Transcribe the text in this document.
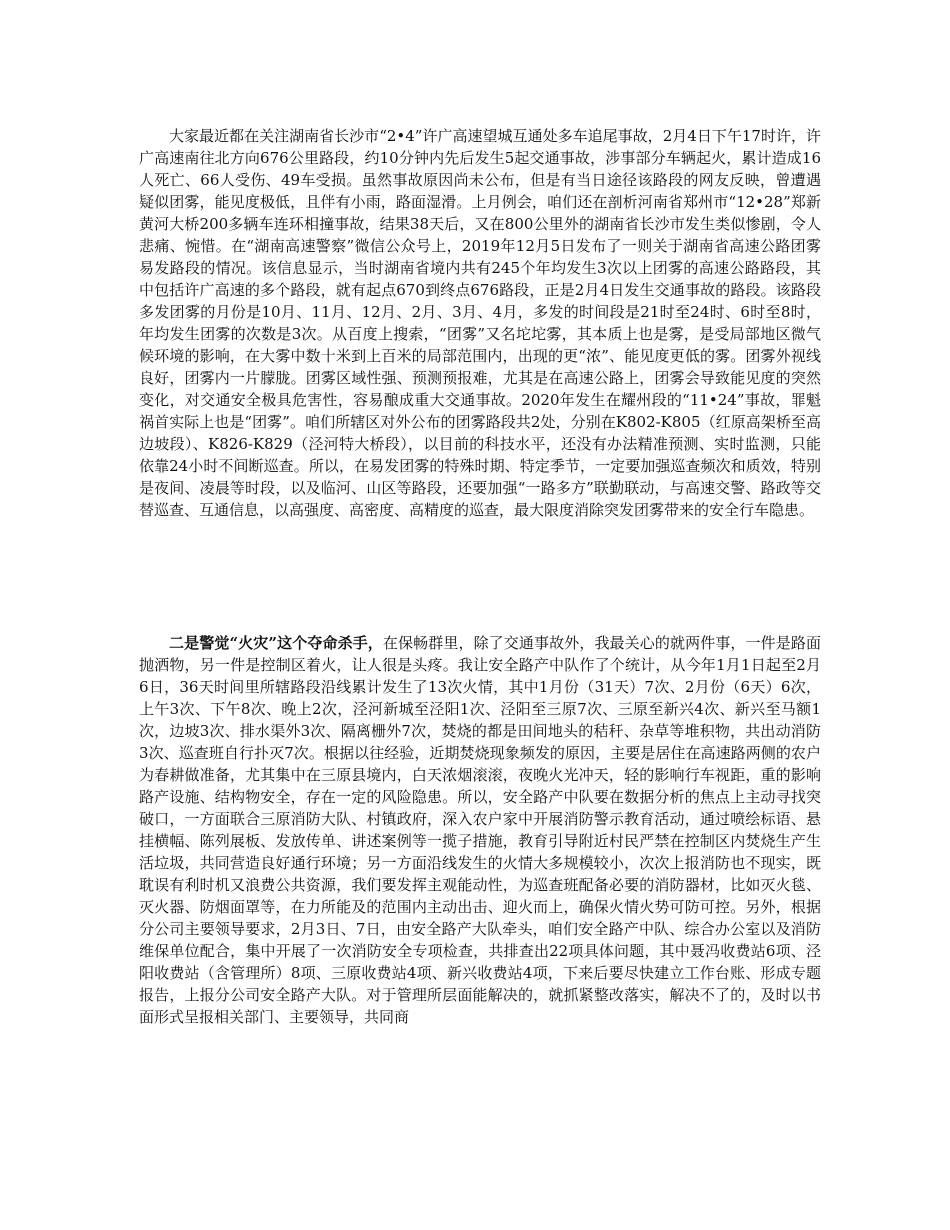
大家最近都在关注湖南省长沙市“2•4”许广高速望城互通处多车追尾事故，2月4日下午17时许，许广高速南往北方向676公里路段，约10分钟内先后发生5起交通事故，涉事部分车辆起火，累计造成16人死亡、66人受伤、49车受损。虽然事故原因尚未公布，但是有当日途径该路段的网友反映，曾遭遇疑似团雾，能见度极低，且伴有小雨，路面湿滑。上月例会，咱们还在剖析河南省郑州市“12•28”郑新黄河大桥200多辆车连环相撞事故，结果38天后，又在800公里外的湖南省长沙市发生类似惨剧，令人悲痛、惋惜。在“湖南高速警察”微信公众号上，2019年12月5日发布了一则关于湖南省高速公路团雾易发路段的情况。该信息显示，当时湖南省境内共有245个年均发生3次以上团雾的高速公路路段，其中包括许广高速的多个路段，就有起点670到终点676路段，正是2月4日发生交通事故的路段。该路段多发团雾的月份是10月、11月、12月、2月、3月、4月，多发的时间段是21时至24时、6时至8时，年均发生团雾的次数是3次。从百度上搜索，“团雾”又名坨坨雾，其本质上也是雾，是受局部地区微气候环境的影响，在大雾中数十米到上百米的局部范围内，出现的更“浓”、能见度更低的雾。团雾外视线良好，团雾内一片朦胧。团雾区域性强、预测预报难，尤其是在高速公路上，团雾会导致能见度的突然变化，对交通安全极具危害性，容易酿成重大交通事故。2020年发生在耀州段的“11•24”事故，罪魁祸首实际上也是“团雾”。咱们所辖区对外公布的团雾路段共2处，分别在K802-K805（红原高架桥至高边坡段）、K826-K829（泾河特大桥段），以目前的科技水平，还没有办法精准预测、实时监测，只能依靠24小时不间断巡查。所以，在易发团雾的特殊时期、特定季节，一定要加强巡查频次和质效，特别是夜间、凌晨等时段，以及临河、山区等路段，还要加强“一路多方”联勤联动，与高速交警、路政等交替巡查、互通信息，以高强度、高密度、高精度的巡查，最大限度消除突发团雾带来的安全行车隐患。

二是警觉“火灾”这个夺命杀手，在保畅群里，除了交通事故外，我最关心的就两件事，一件是路面抛洒物，另一件是控制区着火，让人很是头疼。我让安全路产中队作了个统计，从今年1月1日起至2月6日，36天时间里所辖路段沿线累计发生了13次火情，其中1月份（31天）7次、2月份（6天）6次，上午3次、下午8次、晚上2次，泾河新城至泾阳1次、泾阳至三原7次、三原至新兴4次、新兴至马额1次，边坡3次、排水渠外3次、隔离栅外7次，焚烧的都是田间地头的秸秆、杂草等堆积物，共出动消防3次、巡查班自行扑灭7次。根据以往经验，近期焚烧现象频发的原因，主要是居住在高速路两侧的农户为春耕做准备，尤其集中在三原县境内，白天浓烟滚滚，夜晚火光冲天，轻的影响行车视距，重的影响路产设施、结构物安全，存在一定的风险隐患。所以，安全路产中队要在数据分析的焦点上主动寻找突破口，一方面联合三原消防大队、村镇政府，深入农户家中开展消防警示教育活动，通过喷绘标语、悬挂横幅、陈列展板、发放传单、讲述案例等一揽子措施，教育引导附近村民严禁在控制区内焚烧生产生活垃圾，共同营造良好通行环境；另一方面沿线发生的火情大多规模较小，次次上报消防也不现实，既耽误有利时机又浪费公共资源，我们要发挥主观能动性，为巡查班配备必要的消防器材，比如灭火毯、灭火器、防烟面罩等，在力所能及的范围内主动出击、迎火而上，确保火情火势可防可控。另外，根据分公司主要领导要求，2月3日、7日，由安全路产大队牵头，咱们安全路产中队、综合办公室以及消防维保单位配合，集中开展了一次消防安全专项检查，共排查出22项具体问题，其中聂冯收费站6项、泾阳收费站（含管理所）8项、三原收费站4项、新兴收费站4项，下来后要尽快建立工作台账、形成专题报告，上报分公司安全路产大队。对于管理所层面能解决的，就抓紧整改落实，解决不了的，及时以书面形式呈报相关部门、主要领导，共同商
